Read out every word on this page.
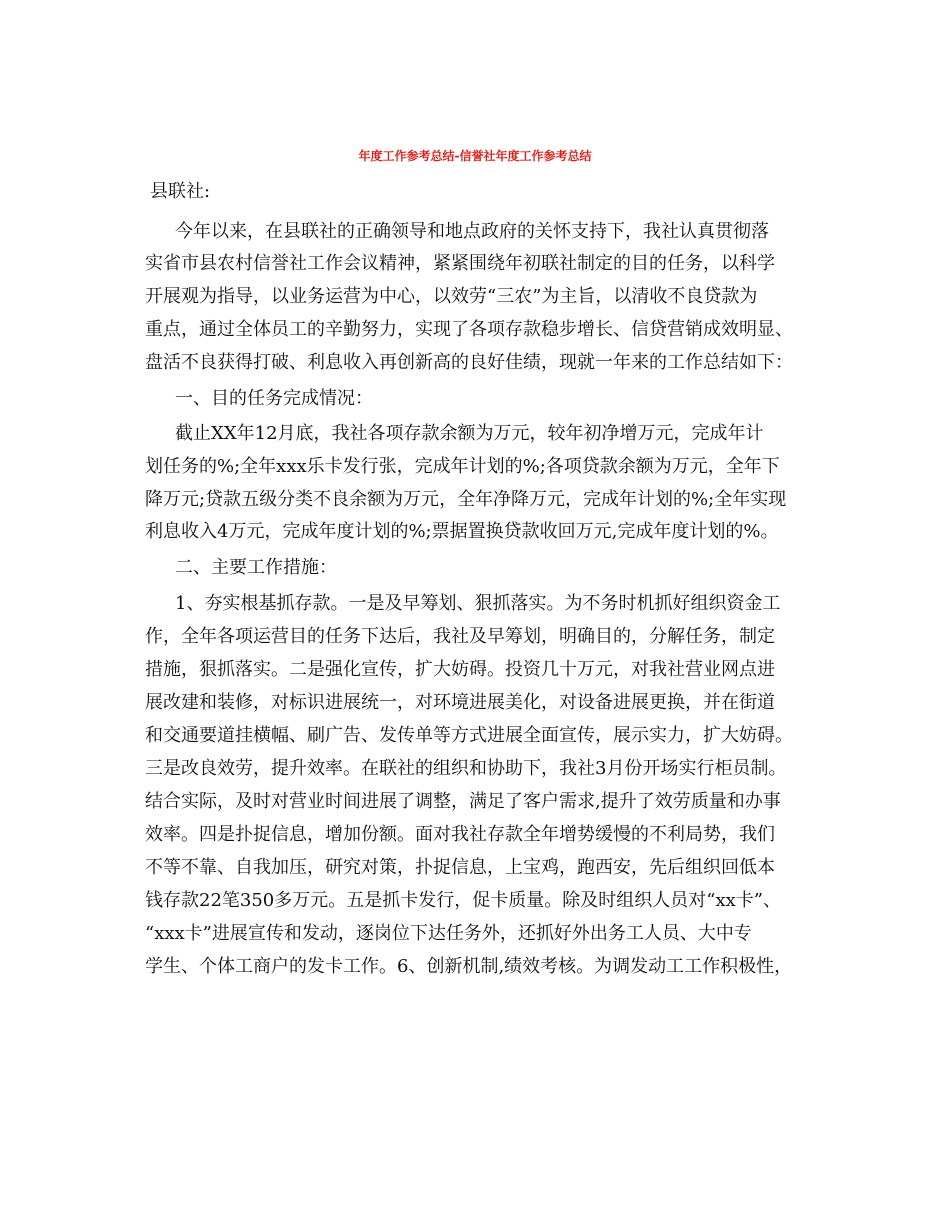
年度工作参考总结-信誉社年度工作参考总结

县联社:

今年以来，在县联社的正确领导和地点政府的关怀支持下，我社认真贯彻落

实省市县农村信誉社工作会议精神，紧紧围绕年初联社制定的目的任务，以科学

开展观为指导，以业务运营为中心，以效劳“三农”为主旨，以清收不良贷款为

重点，通过全体员工的辛勤努力，实现了各项存款稳步增长、信贷营销成效明显、

盘活不良获得打破、利息收入再创新高的良好佳绩，现就一年来的工作总结如下：

一、目的任务完成情况：

截止XX年12月底，我社各项存款余额为万元，较年初净增万元，完成年计

划任务的%;全年xxx乐卡发行张，完成年计划的%;各项贷款余额为万元，全年下

降万元;贷款五级分类不良余额为万元，全年净降万元，完成年计划的%;全年实现

利息收入4万元，完成年度计划的%;票据置换贷款收回万元,完成年度计划的%。

二、主要工作措施：

1、夯实根基抓存款。一是及早筹划、狠抓落实。为不务时机抓好组织资金工

作，全年各项运营目的任务下达后，我社及早筹划，明确目的，分解任务，制定

措施，狠抓落实。二是强化宣传，扩大妨碍。投资几十万元，对我社营业网点进

展改建和装修，对标识进展统一，对环境进展美化，对设备进展更换，并在街道

和交通要道挂横幅、刷广告、发传单等方式进展全面宣传，展示实力，扩大妨碍。

三是改良效劳，提升效率。在联社的组织和协助下，我社3月份开场实行柜员制。

结合实际，及时对营业时间进展了调整，满足了客户需求,提升了效劳质量和办事

效率。四是扑捉信息，增加份额。面对我社存款全年增势缓慢的不利局势，我们

不等不靠、自我加压，研究对策，扑捉信息，上宝鸡，跑西安，先后组织回低本

钱存款22笔350多万元。五是抓卡发行，促卡质量。除及时组织人员对“xx卡”、

“xxx卡”进展宣传和发动，逐岗位下达任务外，还抓好外出务工人员、大中专

学生、个体工商户的发卡工作。6、创新机制,绩效考核。为调发动工工作积极性，
